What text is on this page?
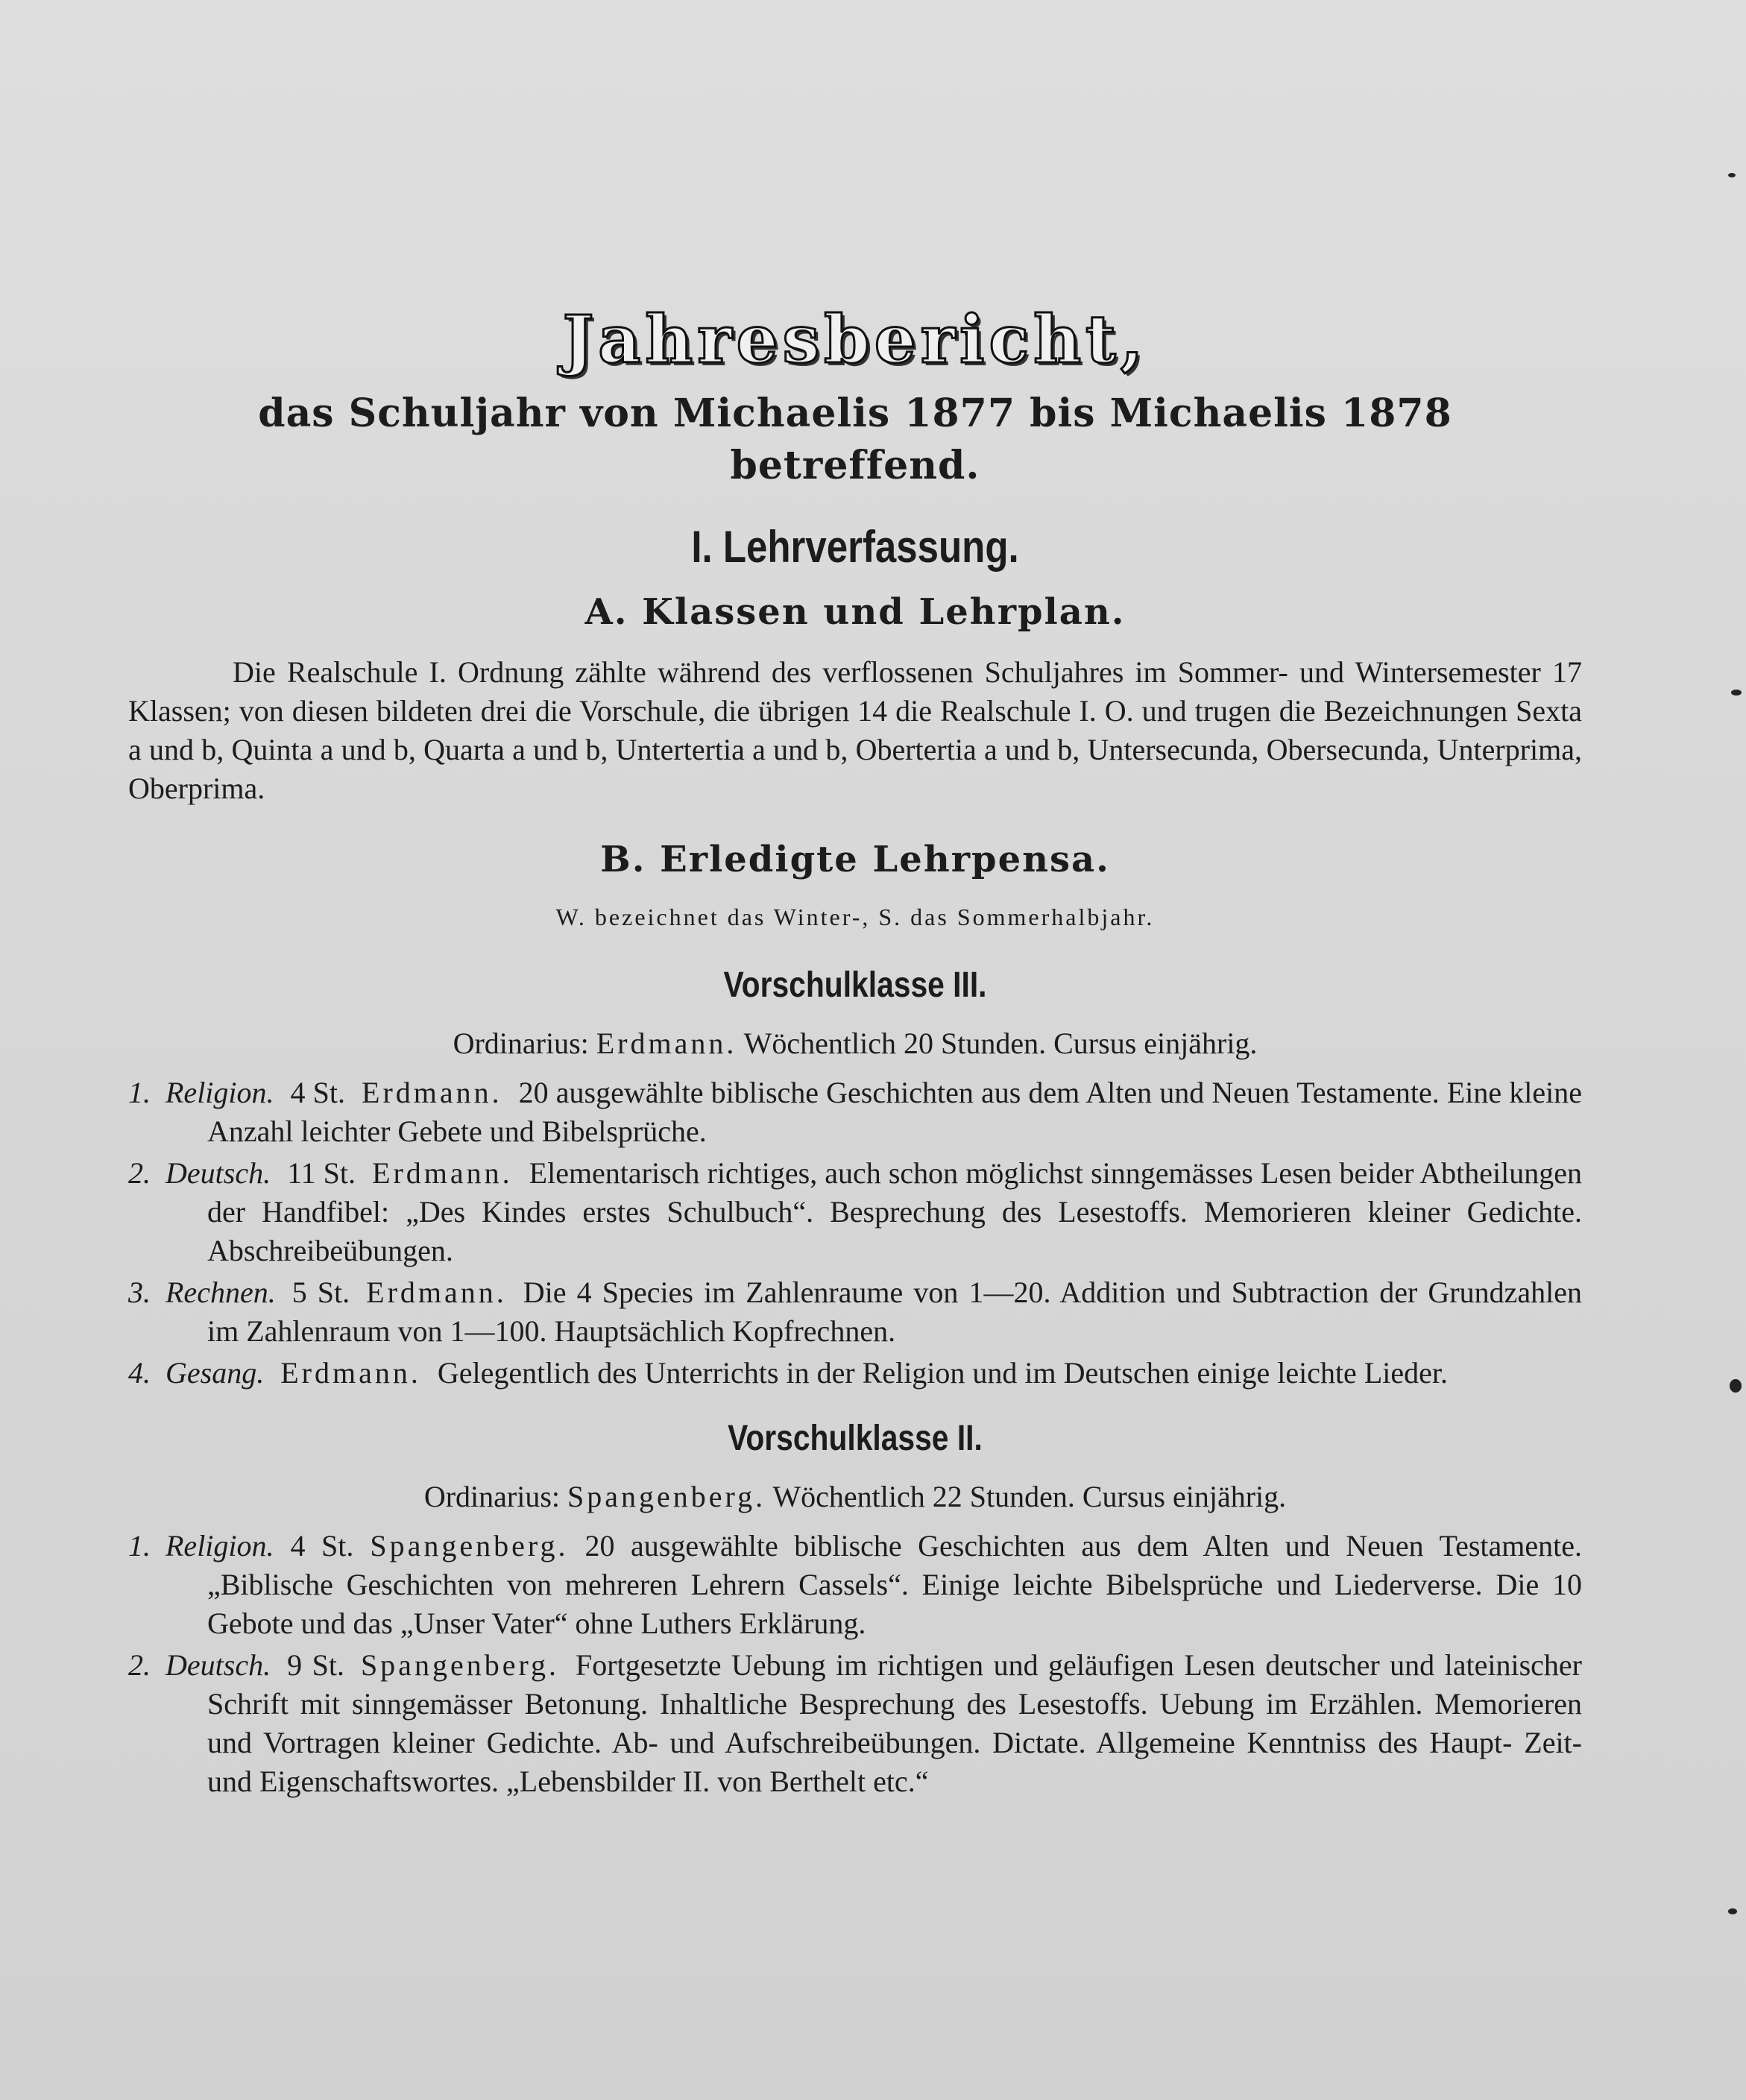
Jahresbericht,
das Schuljahr von Michaelis 1877 bis Michaelis 1878 betreffend.
I. Lehrverfassung.
A. Klassen und Lehrplan.

Die Realschule I. Ordnung zählte während des verflossenen Schuljahres im Sommer- und Wintersemester 17 Klassen; von diesen bildeten drei die Vorschule, die übrigen 14 die Realschule I. O. und trugen die Bezeichnungen Sexta a und b, Quinta a und b, Quarta a und b, Untertertia a und b, Obertertia a und b, Untersecunda, Obersecunda, Unterprima, Oberprima.

B. Erledigte Lehrpensa.
W. bezeichnet das Winter-, S. das Sommerhalbjahr.
Vorschulklasse III.
Ordinarius: Erdmann. Wöchentlich 20 Stunden. Cursus einjährig.

1. Religion. 4 St. Erdmann. 20 ausgewählte biblische Geschichten aus dem Alten und Neuen Testamente. Eine kleine Anzahl leichter Gebete und Bibelsprüche.

2. Deutsch. 11 St. Erdmann. Elementarisch richtiges, auch schon möglichst sinngemässes Lesen beider Abtheilungen der Handfibel: „Des Kindes erstes Schulbuch“. Besprechung des Lesestoffs. Memorieren kleiner Gedichte. Abschreibeübungen.

3. Rechnen. 5 St. Erdmann. Die 4 Species im Zahlenraume von 1—20. Addition und Subtraction der Grundzahlen im Zahlenraum von 1—100. Hauptsächlich Kopfrechnen.

4. Gesang. Erdmann. Gelegentlich des Unterrichts in der Religion und im Deutschen einige leichte Lieder.

Vorschulklasse II.
Ordinarius: Spangenberg. Wöchentlich 22 Stunden. Cursus einjährig.

1. Religion. 4 St. Spangenberg. 20 ausgewählte biblische Geschichten aus dem Alten und Neuen Testamente. „Biblische Geschichten von mehreren Lehrern Cassels“. Einige leichte Bibelsprüche und Liederverse. Die 10 Gebote und das „Unser Vater“ ohne Luthers Erklärung.

2. Deutsch. 9 St. Spangenberg. Fortgesetzte Uebung im richtigen und geläufigen Lesen deutscher und lateinischer Schrift mit sinngemässer Betonung. Inhaltliche Besprechung des Lesestoffs. Uebung im Erzählen. Memorieren und Vortragen kleiner Gedichte. Ab- und Aufschreibeübungen. Dictate. Allgemeine Kenntniss des Haupt- Zeit- und Eigenschaftswortes. „Lebensbilder II. von Berthelt etc.“
